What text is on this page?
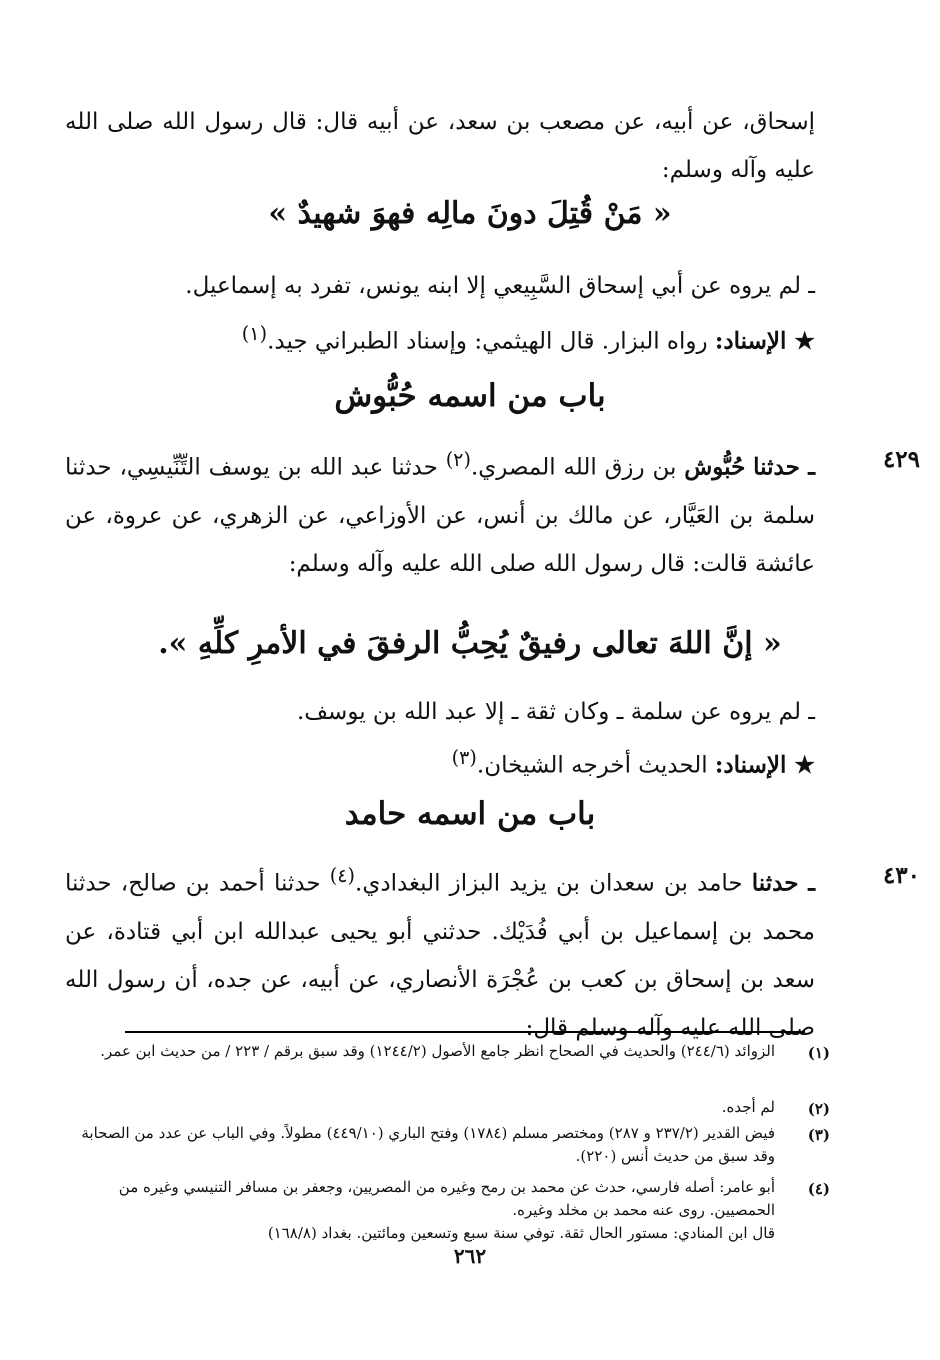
إسحاق، عن أبيه، عن مصعب بن سعد، عن أبيه قال: قال رسول الله صلى الله عليه وآله وسلم:

« مَنْ قُتِلَ دونَ مالِه فهوَ شهيدٌ »
ـ لم يروه عن أبي إسحاق السَّبِيعي إلا ابنه يونس، تفرد به إسماعيل.
★ الإسناد: رواه البزار. قال الهيثمي: وإسناد الطبراني جيد.$^{(١)}$
باب من اسمه حُبُّوش
٤٢٩

ـ حدثنا حُبُّوش بن رزق الله المصري.$^{(٢)}$ حدثنا عبد الله بن يوسف التِّنِّيسِي، حدثنا سلمة بن العَيَّار، عن مالك بن أنس، عن الأوزاعي، عن الزهري، عن عروة، عن عائشة قالت: قال رسول الله صلى الله عليه وآله وسلم:

« إنَّ اللهَ تعالى رفيقٌ يُحِبُّ الرفقَ في الأمرِ كلِّهِ ».
ـ لم يروه عن سلمة ـ وكان ثقة ـ إلا عبد الله بن يوسف.
★ الإسناد: الحديث أخرجه الشيخان.$^{(٣)}$
باب من اسمه حامد
٤٣٠

ـ حدثنا حامد بن سعدان بن يزيد البزاز البغدادي.$^{(٤)}$ حدثنا أحمد بن صالح، حدثنا محمد بن إسماعيل بن أبي فُدَيْك. حدثني أبو يحيى عبدالله ابن أبي قتادة، عن سعد بن إسحاق بن كعب بن عُجْرَة الأنصاري، عن أبيه، عن جده، أن رسول الله صلى الله عليه وآله وسلم قال:

(١)
الزوائد (٢٤٤/٦) والحديث في الصحاح انظر جامع الأصول (١٢٤٤/٢) وقد سبق برقم / ٢٢٣ / من حديث ابن عمر.
(٢)
لم أجده.
(٣)
فيض القدير (٢٣٧/٢ و ٢٨٧) ومختصر مسلم (١٧٨٤) وفتح الباري (٤٤٩/١٠) مطولاً. وفي الباب عن عدد من الصحابة وقد سبق من حديث أنس (٢٢٠).
(٤)
أبو عامر: أصله فارسي، حدث عن محمد بن رمح وغيره من المصريين، وجعفر بن مسافر التنيسي وغيره من الحمصيين. روى عنه محمد بن مخلد وغيره.
قال ابن المنادي: مستور الحال ثقة. توفي سنة سبع وتسعين ومائتين. بغداد (١٦٨/٨)
٢٦٢
